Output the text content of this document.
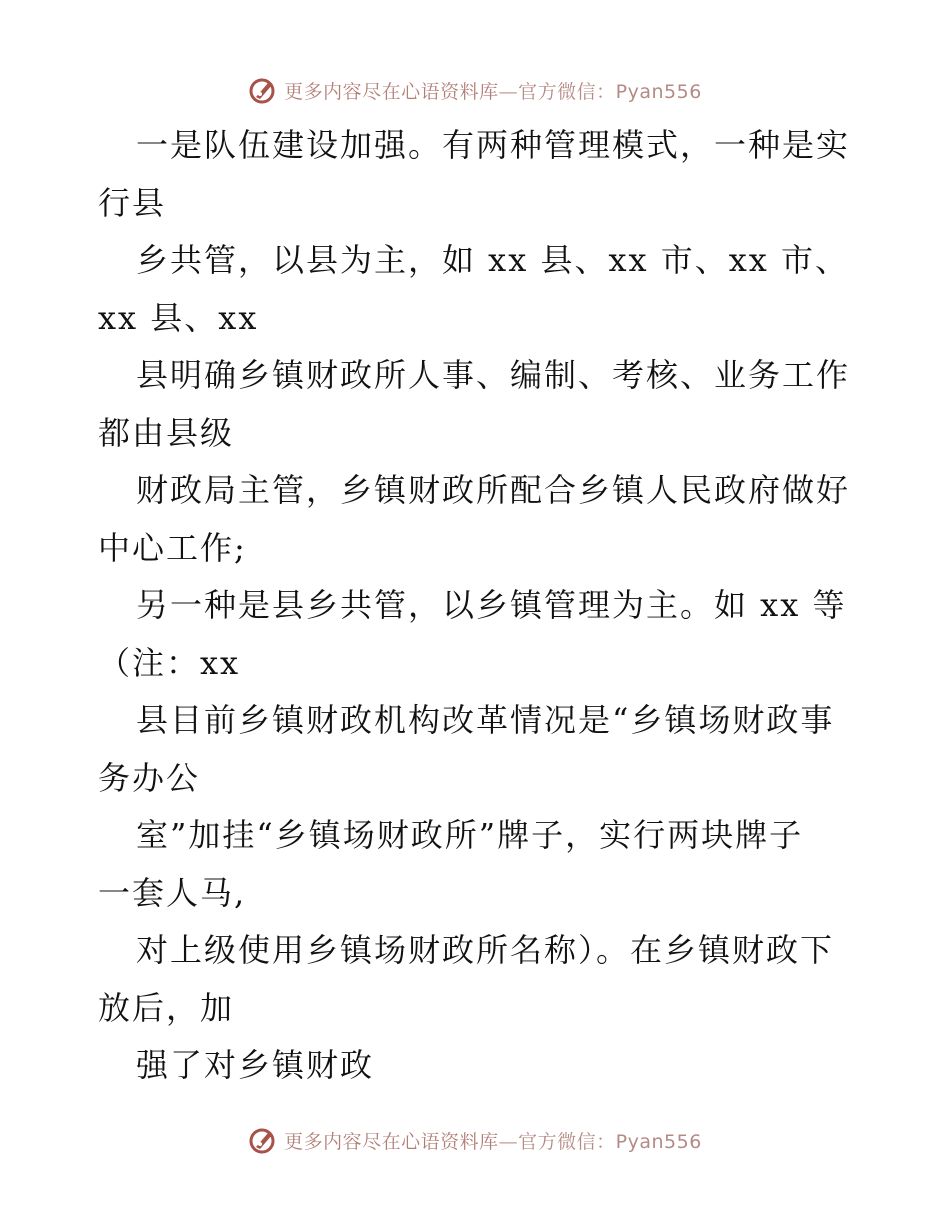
更多内容尽在心语资料库—官方微信：Pyan556
一是队伍建设加强。有两种管理模式，一种是实
行县
乡共管，以县为主，如 xx 县、xx 市、xx 市、
xx 县、xx
县明确乡镇财政所人事、编制、考核、业务工作
都由县级
财政局主管，乡镇财政所配合乡镇人民政府做好
中心工作;
另一种是县乡共管，以乡镇管理为主。如 xx 等
（注：xx
县目前乡镇财政机构改革情况是“乡镇场财政事
务办公
室”加挂“乡镇场财政所”牌子，实行两块牌子
一套人马,
对上级使用乡镇场财政所名称）。在乡镇财政下
放后，加
强了对乡镇财政
更多内容尽在心语资料库—官方微信：Pyan556
